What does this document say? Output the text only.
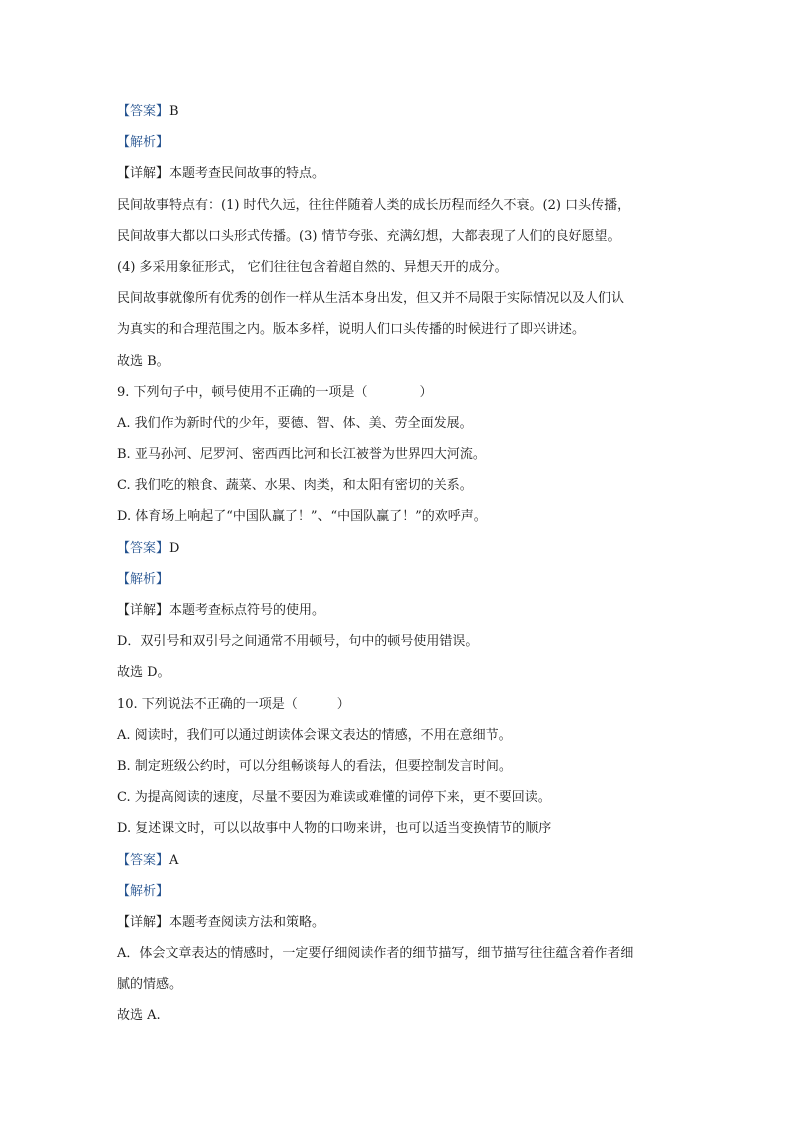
【答案】B
【解析】
【详解】本题考查民间故事的特点。
民间故事特点有：(1) 时代久远，往往伴随着人类的成长历程而经久不衰。(2) 口头传播，
民间故事大都以口头形式传播。(3) 情节夸张、充满幻想，大都表现了人们的良好愿望。
(4) 多采用象征形式， 它们往往包含着超自然的、异想天开的成分。
民间故事就像所有优秀的创作一样从生活本身出发，但又并不局限于实际情况以及人们认
为真实的和合理范围之内。版本多样，说明人们口头传播的时候进行了即兴讲述。
故选 B。
9. 下列句子中，顿号使用不正确的一项是（　　　　）
A. 我们作为新时代的少年，要德、智、体、美、劳全面发展。
B. 亚马孙河、尼罗河、密西西比河和长江被誉为世界四大河流。
C. 我们吃的粮食、蔬菜、水果、肉类，和太阳有密切的关系。
D. 体育场上响起了“中国队赢了！”、“中国队赢了！”的欢呼声。
【答案】D
【解析】
【详解】本题考查标点符号的使用。
D．双引号和双引号之间通常不用顿号，句中的顿号使用错误。
故选 D。
10. 下列说法不正确的一项是（　　　）
A. 阅读时，我们可以通过朗读体会课文表达的情感，不用在意细节。
B. 制定班级公约时，可以分组畅谈每人的看法，但要控制发言时间。
C. 为提高阅读的速度，尽量不要因为难读或难懂的词停下来，更不要回读。
D. 复述课文时，可以以故事中人物的口吻来讲，也可以适当变换情节的顺序
【答案】A
【解析】
【详解】本题考查阅读方法和策略。
A．体会文章表达的情感时，一定要仔细阅读作者的细节描写，细节描写往往蕴含着作者细
腻的情感。
故选 A.
